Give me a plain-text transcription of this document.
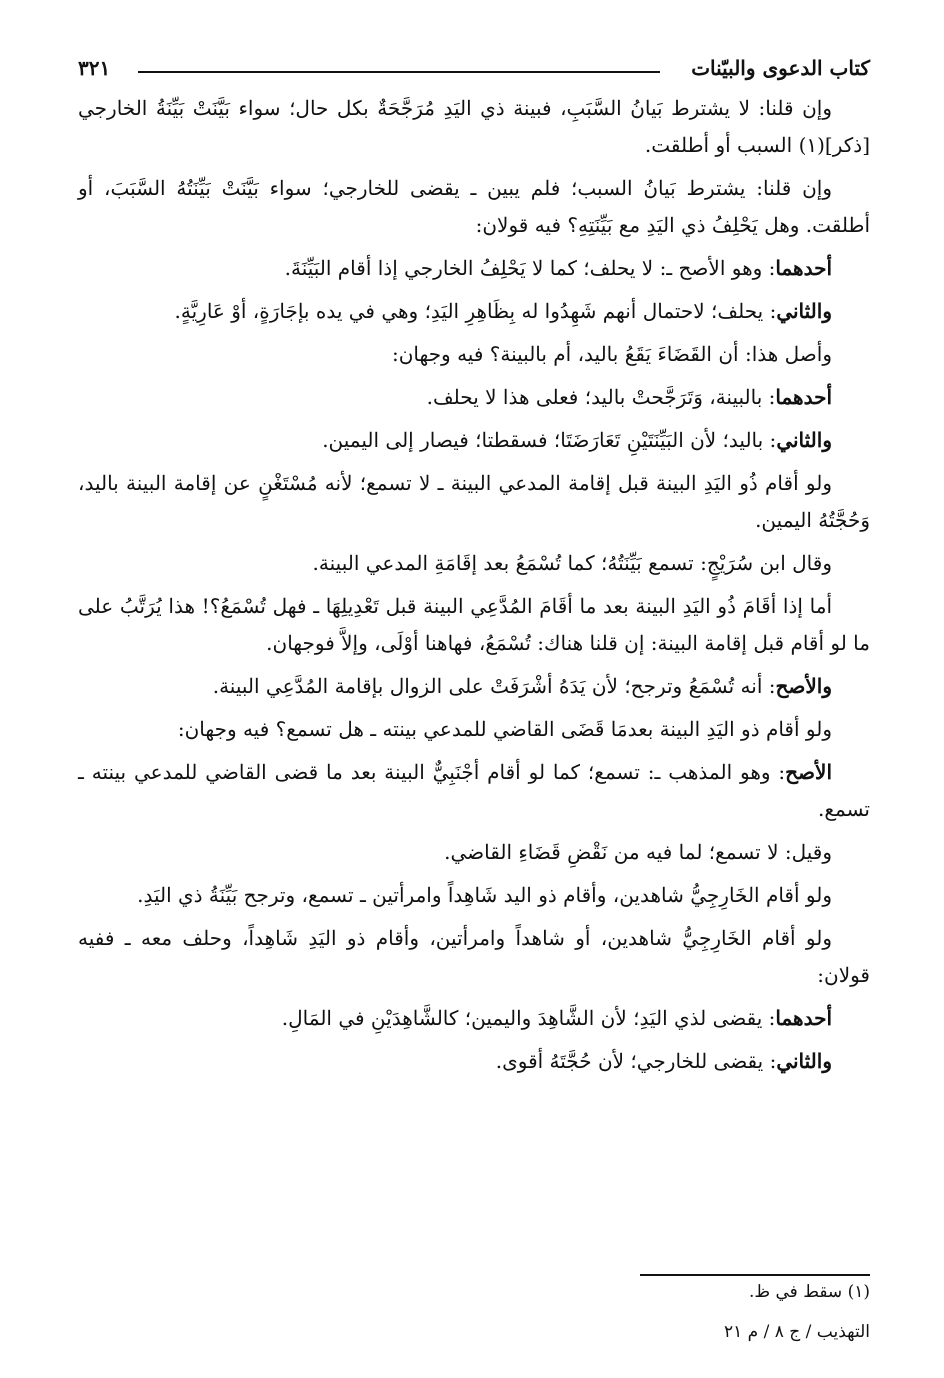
كتاب الدعوى والبيّنات
٣٢١

وإن قلنا: لا يشترط بَيانُ السَّبَبِ، فبينة ذي اليَدِ مُرَجَّحَةٌ بكل حال؛ سواء بَيَّنَتْ بَيِّنَةُ الخارجي [ذكر](١) السبب أو أطلقت.

وإن قلنا: يشترط بَيانُ السبب؛ فلم يبين ـ يقضى للخارجي؛ سواء بَيَّنَتْ بَيِّنَتُهُ السَّبَبَ، أو أطلقت. وهل يَحْلِفُ ذي اليَدِ مع بَيِّنَتِهِ؟ فيه قولان:

أحدهما: وهو الأصح ـ: لا يحلف؛ كما لا يَحْلِفُ الخارجي إذا أقام البَيِّنَةَ.

والثاني: يحلف؛ لاحتمال أنهم شَهِدُوا له بِظَاهِرِ اليَدِ؛ وهي في يده بإجَارَةٍ، أوْ عَارِيَّةٍ.

وأصل هذا: أن القَضَاءَ يَقَعُ باليد، أم بالبينة؟ فيه وجهان:

أحدهما: بالبينة، وَتَرَجَّحتْ باليد؛ فعلى هذا لا يحلف.

والثاني: باليد؛ لأن البَيِّنَتَيْنِ تَعَارَضَتَا؛ فسقطتا؛ فيصار إلى اليمين.

ولو أقام ذُو اليَدِ البينة قبل إقامة المدعي البينة ـ لا تسمع؛ لأنه مُسْتَغْنٍ عن إقامة البينة باليد، وَحُجَّتُهُ اليمين.

وقال ابن سُرَيْجٍ: تسمع بَيِّنَتُهُ؛ كما تُسْمَعُ بعد إقَامَةِ المدعي البينة.

أما إذا أقَامَ ذُو اليَدِ البينة بعد ما أقَامَ المُدَّعِي البينة قبل تَعْدِيلِهَا ـ فهل تُسْمَعُ؟! هذا يُرَتَّبُ على ما لو أقام قبل إقامة البينة: إن قلنا هناك: تُسْمَعُ، فهاهنا أوْلَى، وإلاَّ فوجهان.

والأصح: أنه تُسْمَعُ وترجح؛ لأن يَدَهُ أشْرَفَتْ على الزوال بإقامة المُدَّعِي البينة.

ولو أقام ذو اليَدِ البينة بعدمَا قَضَى القاضي للمدعي بينته ـ هل تسمع؟ فيه وجهان:

الأصح: وهو المذهب ـ: تسمع؛ كما لو أقام أجْنَبِيٌّ البينة بعد ما قضى القاضي للمدعي بينته ـ تسمع.

وقيل: لا تسمع؛ لما فيه من نَقْضِ قَضَاءِ القاضي.

ولو أقام الخَارِجِيُّ شاهدين، وأقام ذو اليد شَاهِداً وامرأتين ـ تسمع، وترجح بَيِّنَةُ ذي اليَدِ.

ولو أقام الخَارِجِيُّ شاهدين، أو شاهداً وامرأتين، وأقام ذو اليَدِ شَاهِداً، وحلف معه ـ ففيه قولان:

أحدهما: يقضى لذي اليَدِ؛ لأن الشَّاهِدَ واليمين؛ كالشَّاهِدَيْنِ في المَالِ.

والثاني: يقضى للخارجي؛ لأن حُجَّتَهُ أقوى.

(١) سقط في ظ.
التهذيب / ج ٨ / م ٢١
